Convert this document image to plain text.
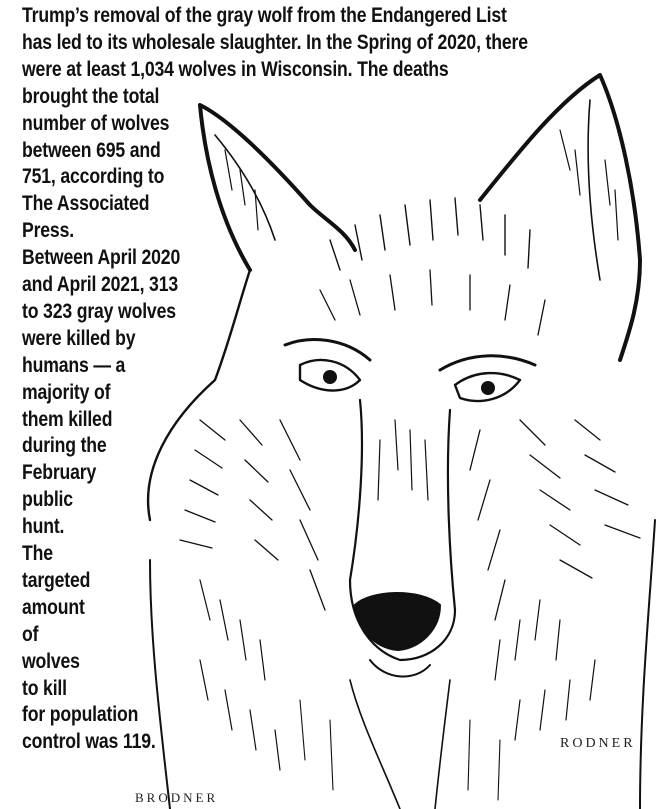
Trump’s removal of the gray wolf from the Endangered List

has led to its wholesale slaughter. In the Spring of 2020, there

were at least 1,034 wolves in Wisconsin. The deaths

brought the total

number of wolves

between 695 and

751, according to

The Associated

Press.

Between April 2020

and April 2021, 313

to 323 gray wolves

were killed by

humans — a

majority of

them killed

during the

February

public

hunt.

The

targeted

amount

of

wolves

to kill

for population

control was 119.	RODNER
BRODNER
